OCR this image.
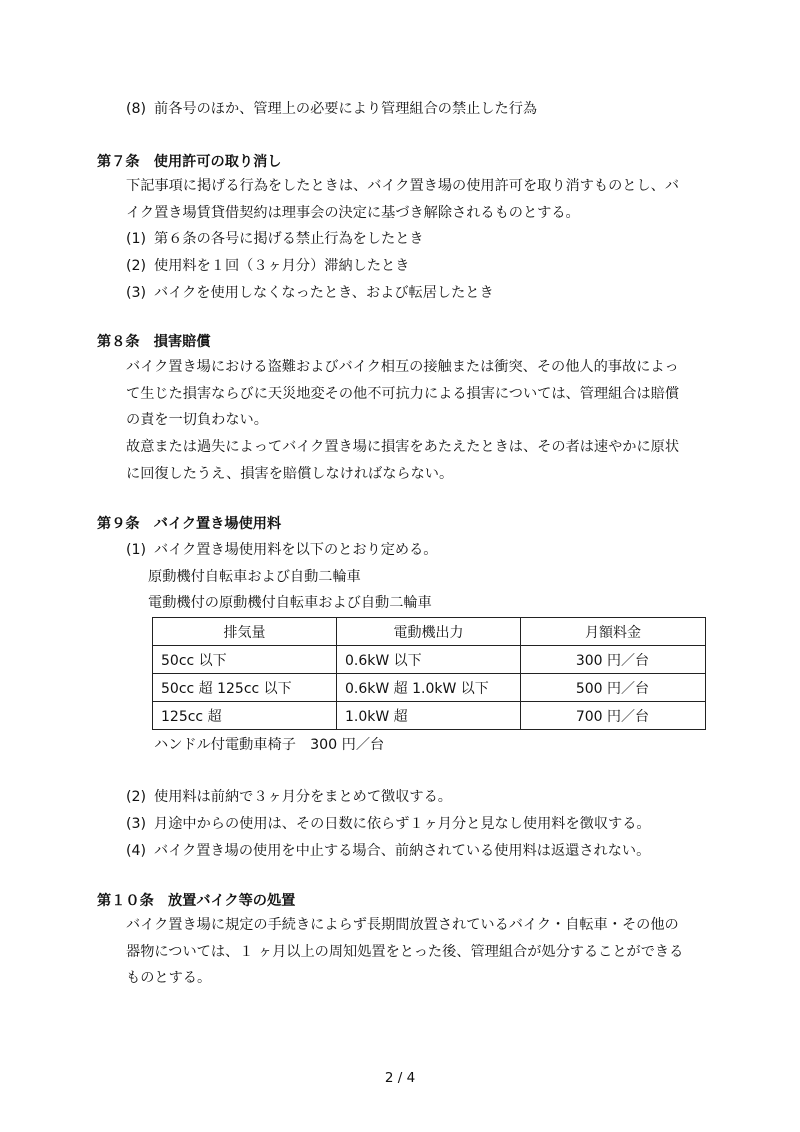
(8) 前各号のほか、管理上の必要により管理組合の禁止した行為
第７条　使用許可の取り消し
下記事項に掲げる行為をしたときは、バイク置き場の使用許可を取り消すものとし、バ
イク置き場賃貸借契約は理事会の決定に基づき解除されるものとする。
(1) 第６条の各号に掲げる禁止行為をしたとき
(2) 使用料を１回（３ヶ月分）滞納したとき
(3) バイクを使用しなくなったとき、および転居したとき
第８条　損害賠償
バイク置き場における盗難およびバイク相互の接触または衝突、その他人的事故によっ
て生じた損害ならびに天災地変その他不可抗力による損害については、管理組合は賠償
の責を一切負わない。
故意または過失によってバイク置き場に損害をあたえたときは、その者は速やかに原状
に回復したうえ、損害を賠償しなければならない。
第９条　バイク置き場使用料
(1) バイク置き場使用料を以下のとおり定める。
原動機付自転車および自動二輪車
電動機付の原動機付自転車および自動二輪車
排気量	電動機出力	月額料金
50cc 以下	0.6kW 以下	300 円／台
50cc 超 125cc 以下	0.6kW 超 1.0kW 以下	500 円／台
125cc 超	1.0kW 超	700 円／台
ハンドル付電動車椅子　300 円／台
(2) 使用料は前納で３ヶ月分をまとめて徴収する。
(3) 月途中からの使用は、その日数に依らず１ヶ月分と見なし使用料を徴収する。
(4) バイク置き場の使用を中止する場合、前納されている使用料は返還されない。
第１０条　放置バイク等の処置
バイク置き場に規定の手続きによらず長期間放置されているバイク・自転車・その他の
器物については、１ ヶ月以上の周知処置をとった後、管理組合が処分することができる
ものとする。
2 / 4
